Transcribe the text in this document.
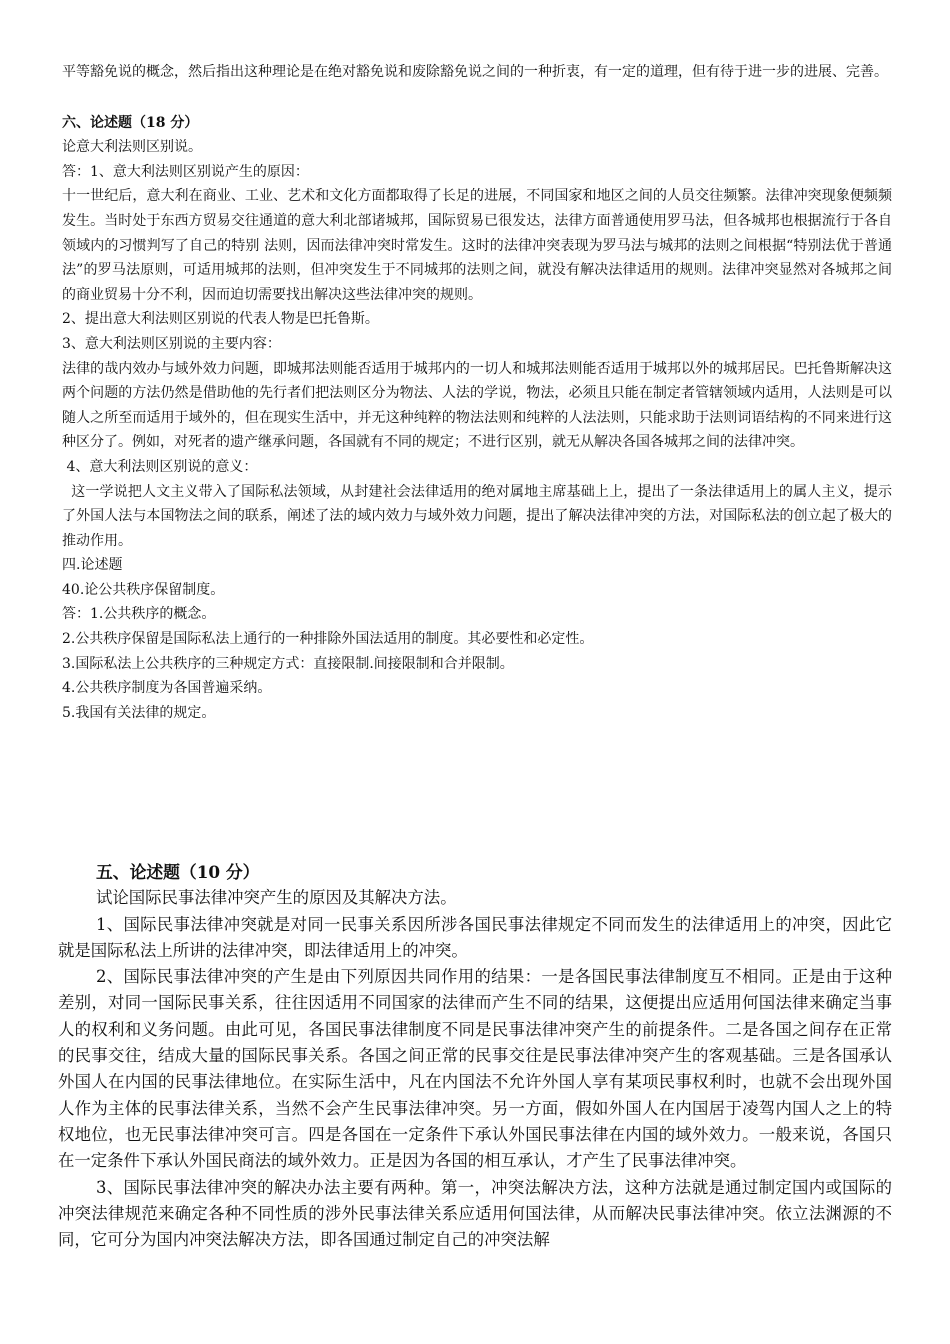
平等豁免说的概念，然后指出这种理论是在绝对豁免说和废除豁免说之间的一种折衷，有一定的道理，但有待于进一步的进展、完善。

六、论述题（18 分）

论意大利法则区别说。

答：1、意大利法则区别说产生的原因：

十一世纪后，意大利在商业、工业、艺术和文化方面都取得了长足的进展，不同国家和地区之间的人员交往频繁。法律冲突现象便频频发生。当时处于东西方贸易交往通道的意大利北部诸城邦，国际贸易已很发达，法律方面普通使用罗马法，但各城邦也根据流行于各自领域内的习惯判写了自己的特别 法则，因而法律冲突时常发生。这时的法律冲突表现为罗马法与城邦的法则之间根据“特别法优于普通法”的罗马法原则，可适用城邦的法则，但冲突发生于不同城邦的法则之间，就没有解决法律适用的规则。法律冲突显然对各城邦之间的商业贸易十分不利，因而迫切需要找出解决这些法律冲突的规则。

2、提出意大利法则区别说的代表人物是巴托鲁斯。

3、意大利法则区别说的主要内容：

法律的哉内效办与域外效力问题，即城邦法则能否适用于城邦内的一切人和城邦法则能否适用于城邦以外的城邦居民。巴托鲁斯解决这两个问题的方法仍然是借助他的先行者们把法则区分为物法、人法的学说，物法，必须且只能在制定者管辖领域内适用，人法则是可以随人之所至而适用于域外的，但在现实生活中，并无这种纯粹的物法法则和纯粹的人法法则，只能求助于法则词语结构的不同来进行这种区分了。例如，对死者的遗产继承问题，各国就有不同的规定；不进行区别，就无从解决各国各城邦之间的法律冲突。

4、意大利法则区别说的意义：

这一学说把人文主义带入了国际私法领域，从封建社会法律适用的绝对属地主席基础上上，提出了一条法律适用上的属人主义，提示了外国人法与本国物法之间的联系，阐述了法的域内效力与域外效力问题，提出了解决法律冲突的方法，对国际私法的创立起了极大的推动作用。

四.论述题

40.论公共秩序保留制度。

答：1.公共秩序的概念。

2.公共秩序保留是国际私法上通行的一种排除外国法适用的制度。其必要性和必定性。

3.国际私法上公共秩序的三种规定方式：直接限制.间接限制和合并限制。

4.公共秩序制度为各国普遍采纳。

5.我国有关法律的规定。

五、论述题（10 分）

试论国际民事法律冲突产生的原因及其解决方法。

1、国际民事法律冲突就是对同一民事关系因所涉各国民事法律规定不同而发生的法律适用上的冲突，因此它就是国际私法上所讲的法律冲突，即法律适用上的冲突。

2、国际民事法律冲突的产生是由下列原因共同作用的结果：一是各国民事法律制度互不相同。正是由于这种差别，对同一国际民事关系，往往因适用不同国家的法律而产生不同的结果，这便提出应适用何国法律来确定当事人的权利和义务问题。由此可见，各国民事法律制度不同是民事法律冲突产生的前提条件。二是各国之间存在正常的民事交往，结成大量的国际民事关系。各国之间正常的民事交往是民事法律冲突产生的客观基础。三是各国承认外国人在内国的民事法律地位。在实际生活中，凡在内国法不允许外国人享有某项民事权利时，也就不会出现外国人作为主体的民事法律关系，当然不会产生民事法律冲突。另一方面，假如外国人在内国居于凌驾内国人之上的特权地位，也无民事法律冲突可言。四是各国在一定条件下承认外国民事法律在内国的域外效力。一般来说，各国只在一定条件下承认外国民商法的域外效力。正是因为各国的相互承认，才产生了民事法律冲突。

3、国际民事法律冲突的解决办法主要有两种。第一，冲突法解决方法，这种方法就是通过制定国内或国际的冲突法律规范来确定各种不同性质的涉外民事法律关系应适用何国法律，从而解决民事法律冲突。依立法渊源的不同，它可分为国内冲突法解决方法，即各国通过制定自己的冲突法解
